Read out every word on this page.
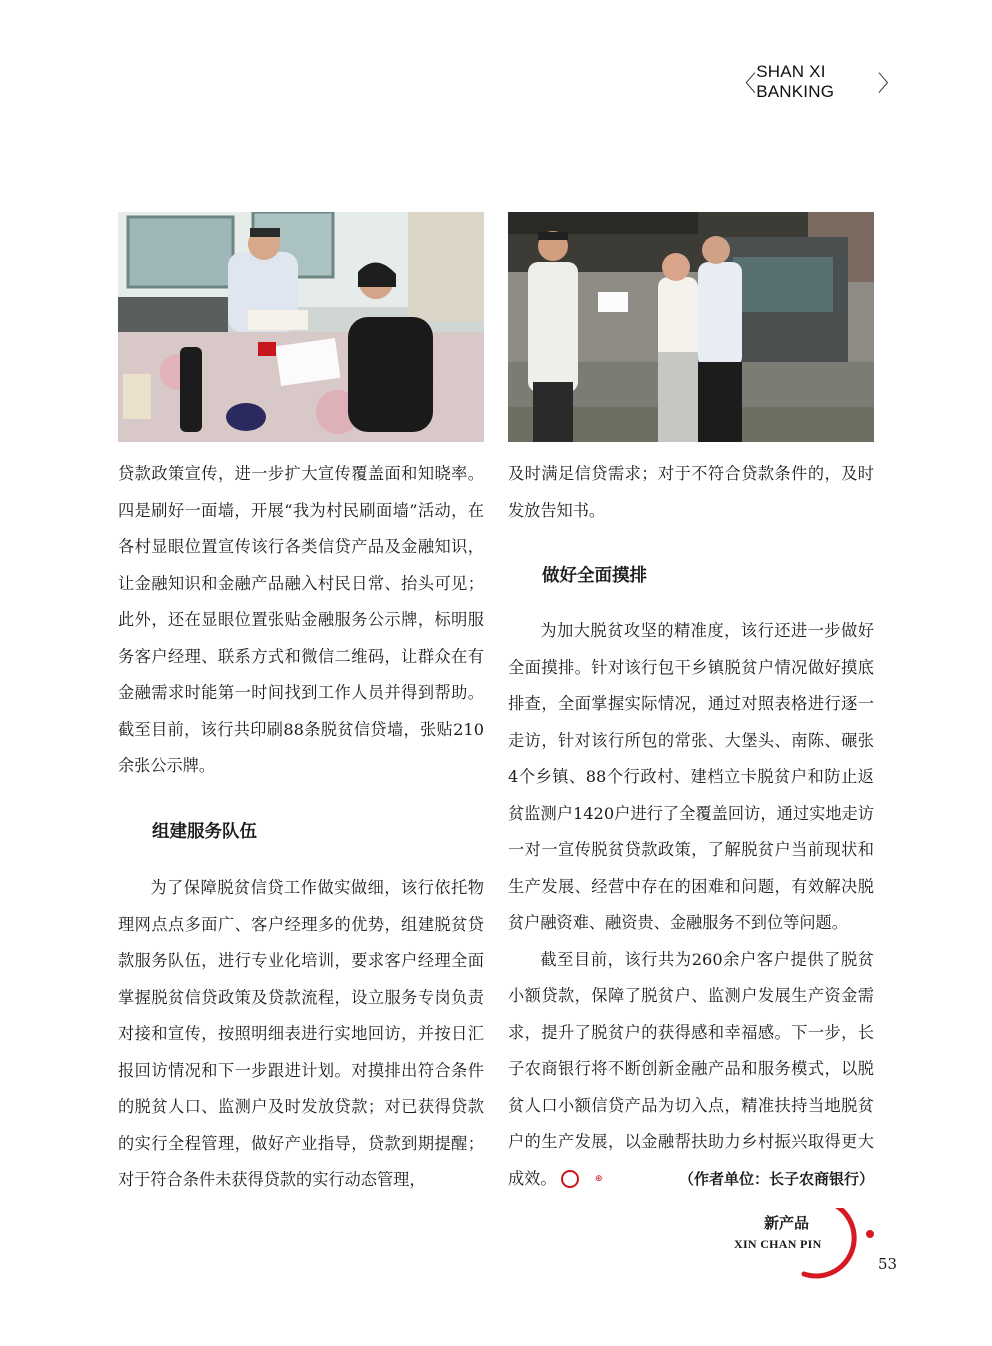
〈 SHAN XI BANKING	〉

贷款政策宣传，进一步扩大宣传覆盖面和知晓率。四是刷好一面墙，开展“我为村民刷面墙”活动，在各村显眼位置宣传该行各类信贷产品及金融知识，让金融知识和金融产品融入村民日常、抬头可见；此外，还在显眼位置张贴金融服务公示牌，标明服务客户经理、联系方式和微信二维码，让群众在有金融需求时能第一时间找到工作人员并得到帮助。截至目前，该行共印刷88条脱贫信贷墙，张贴210余张公示牌。

组建服务队伍

为了保障脱贫信贷工作做实做细，该行依托物理网点点多面广、客户经理多的优势，组建脱贫贷款服务队伍，进行专业化培训，要求客户经理全面掌握脱贫信贷政策及贷款流程，设立服务专岗负责对接和宣传，按照明细表进行实地回访，并按日汇报回访情况和下一步跟进计划。对摸排出符合条件的脱贫人口、监测户及时发放贷款；对已获得贷款的实行全程管理，做好产业指导，贷款到期提醒；对于符合条件未获得贷款的实行动态管理，

及时满足信贷需求；对于不符合贷款条件的，及时发放告知书。

做好全面摸排

为加大脱贫攻坚的精准度，该行还进一步做好全面摸排。针对该行包干乡镇脱贫户情况做好摸底排查，全面掌握实际情况，通过对照表格进行逐一走访，针对该行所包的常张、大堡头、南陈、碾张4个乡镇、88个行政村、建档立卡脱贫户和防止返贫监测户1420户进行了全覆盖回访，通过实地走访一对一宣传脱贫贷款政策，了解脱贫户当前现状和生产发展、经营中存在的困难和问题，有效解决脱贫户融资难、融资贵、金融服务不到位等问题。

截至目前，该行共为260余户客户提供了脱贫小额贷款，保障了脱贫户、监测户发展生产资金需求，提升了脱贫户的获得感和幸福感。下一步，长子农商银行将不断创新金融产品和服务模式，以脱贫人口小额信贷产品为切入点，精准扶持当地脱贫户的生产发展，以金融帮扶助力乡村振兴取得更大成效。	⊕	（作者单位：长子农商银行）

新产品
XIN CHAN PIN
53
